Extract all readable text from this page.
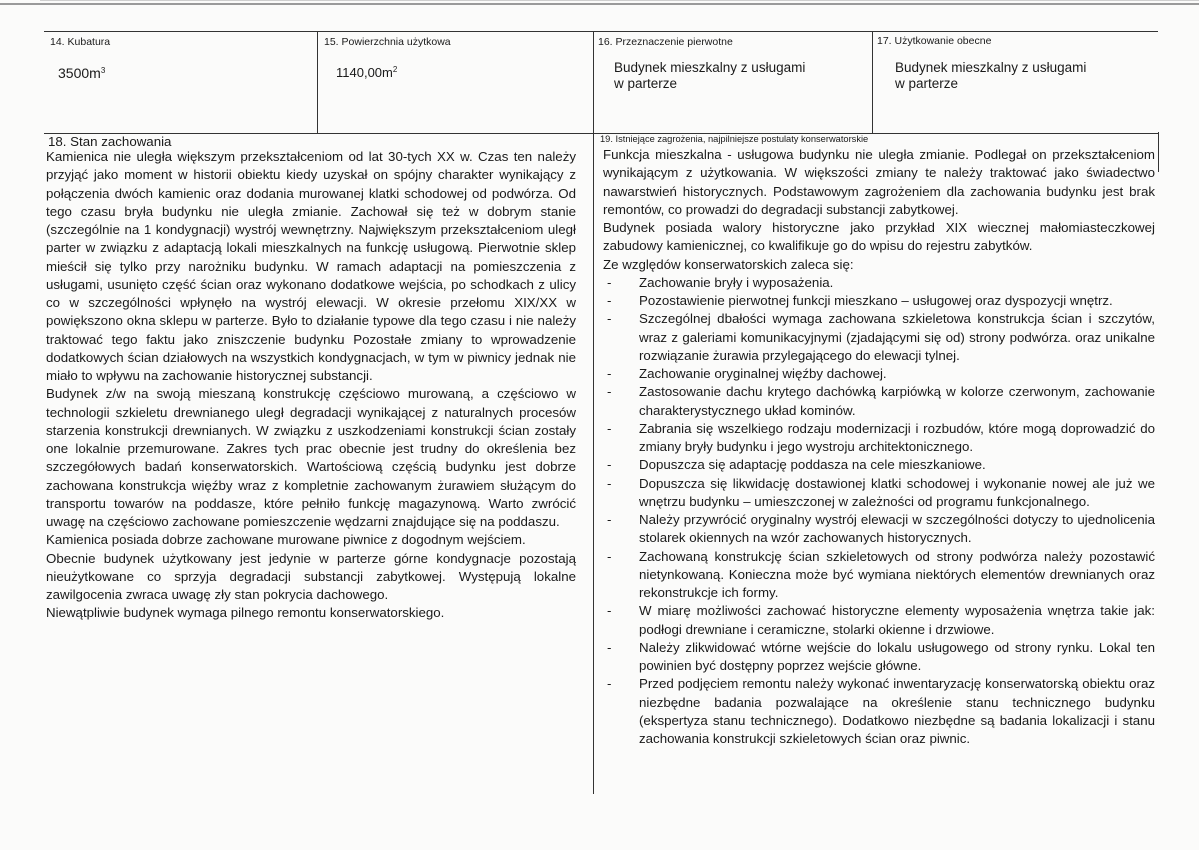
14. Kubatura
$3500m^3$
15. Powierzchnia użytkowa
$1140,00m^2$
16. Przeznaczenie pierwotne
Budynek mieszkalny z usługami
w parterze
17. Użytkowanie obecne
Budynek mieszkalny z usługami
w parterze
18. Stan zachowania

Kamienica nie uległa większym przekształceniom od lat 30-tych XX w. Czas ten należy przyjąć jako moment w historii obiektu kiedy uzyskał on spójny charakter wynikający z połączenia dwóch kamienic oraz dodania murowanej klatki schodowej od podwórza. Od tego czasu bryła budynku nie uległa zmianie. Zachował się też w dobrym stanie (szczególnie na 1 kondygnacji) wystrój wewnętrzny. Największym przekształceniom uległ parter w związku z adaptacją lokali mieszkalnych na funkcję usługową. Pierwotnie sklep mieścił się tylko przy narożniku budynku. W ramach adaptacji na pomieszczenia z usługami, usunięto część ścian oraz wykonano dodatkowe wejścia, po schodkach z ulicy co w szczególności wpłynęło na wystrój elewacji. W okresie przełomu XIX/XX w powiększono okna sklepu w parterze. Było to działanie typowe dla tego czasu i nie należy traktować tego faktu jako zniszczenie budynku Pozostałe zmiany to wprowadzenie dodatkowych ścian działowych na wszystkich kondygnacjach, w tym w piwnicy jednak nie miało to wpływu na zachowanie historycznej substancji.

Budynek z/w na swoją mieszaną konstrukcję częściowo murowaną, a częściowo w technologii szkieletu drewnianego uległ degradacji wynikającej z naturalnych procesów starzenia konstrukcji drewnianych. W związku z uszkodzeniami konstrukcji ścian zostały one lokalnie przemurowane. Zakres tych prac obecnie jest trudny do określenia bez szczegółowych badań konserwatorskich. Wartościową częścią budynku jest dobrze zachowana konstrukcja więźby wraz z kompletnie zachowanym żurawiem służącym do transportu towarów na poddasze, które pełniło funkcję magazynową. Warto zwrócić uwagę na częściowo zachowane pomieszczenie wędzarni znajdujące się na poddaszu.

Kamienica posiada dobrze zachowane murowane piwnice z dogodnym wejściem.

Obecnie budynek użytkowany jest jedynie w parterze górne kondygnacje pozostają nieużytkowane co sprzyja degradacji substancji zabytkowej. Występują lokalne zawilgocenia zwraca uwagę zły stan pokrycia dachowego.

Niewątpliwie budynek wymaga pilnego remontu konserwatorskiego.

19. Istniejące zagrożenia, najpilniejsze postulaty konserwatorskie

Funkcja mieszkalna - usługowa budynku nie uległa zmianie. Podlegał on przekształceniom wynikającym z użytkowania. W większości zmiany te należy traktować jako świadectwo nawarstwień historycznych. Podstawowym zagrożeniem dla zachowania budynku jest brak remontów, co prowadzi do degradacji substancji zabytkowej.

Budynek posiada walory historyczne jako przykład XIX wiecznej małomiasteczkowej zabudowy kamienicznej, co kwalifikuje go do wpisu do rejestru zabytków.

Ze względów konserwatorskich zaleca się:

- Zachowanie bryły i wyposażenia.
- Pozostawienie pierwotnej funkcji mieszkano – usługowej oraz dyspozycji wnętrz.
- Szczególnej dbałości wymaga zachowana szkieletowa konstrukcja ścian i szczytów, wraz z galeriami komunikacyjnymi (zjadającymi się od) strony podwórza. oraz unikalne rozwiązanie żurawia przylegającego do elewacji tylnej.
- Zachowanie oryginalnej więźby dachowej.
- Zastosowanie dachu krytego dachówką karpiówką w kolorze czerwonym, zachowanie charakterystycznego układ kominów.
- Zabrania się wszelkiego rodzaju modernizacji i rozbudów, które mogą doprowadzić do zmiany bryły budynku i jego wystroju architektonicznego.
- Dopuszcza się adaptację poddasza na cele mieszkaniowe.
- Dopuszcza się likwidację dostawionej klatki schodowej i wykonanie nowej ale już we wnętrzu budynku – umieszczonej w zależności od programu funkcjonalnego.
- Należy przywrócić oryginalny wystrój elewacji w szczególności dotyczy to ujednolicenia stolarek okiennych na wzór zachowanych historycznych.
- Zachowaną konstrukcję ścian szkieletowych od strony podwórza należy pozostawić nietynkowaną. Konieczna może być wymiana niektórych elementów drewnianych oraz rekonstrukcje ich formy.
- W miarę możliwości zachować historyczne elementy wyposażenia wnętrza takie jak: podłogi drewniane i ceramiczne, stolarki okienne i drzwiowe.
- Należy zlikwidować wtórne wejście do lokalu usługowego od strony rynku. Lokal ten powinien być dostępny poprzez wejście główne.
- Przed podjęciem remontu należy wykonać inwentaryzację konserwatorską obiektu oraz niezbędne badania pozwalające na określenie stanu technicznego budynku (ekspertyza stanu technicznego). Dodatkowo niezbędne są badania lokalizacji i stanu zachowania konstrukcji szkieletowych ścian oraz piwnic.
